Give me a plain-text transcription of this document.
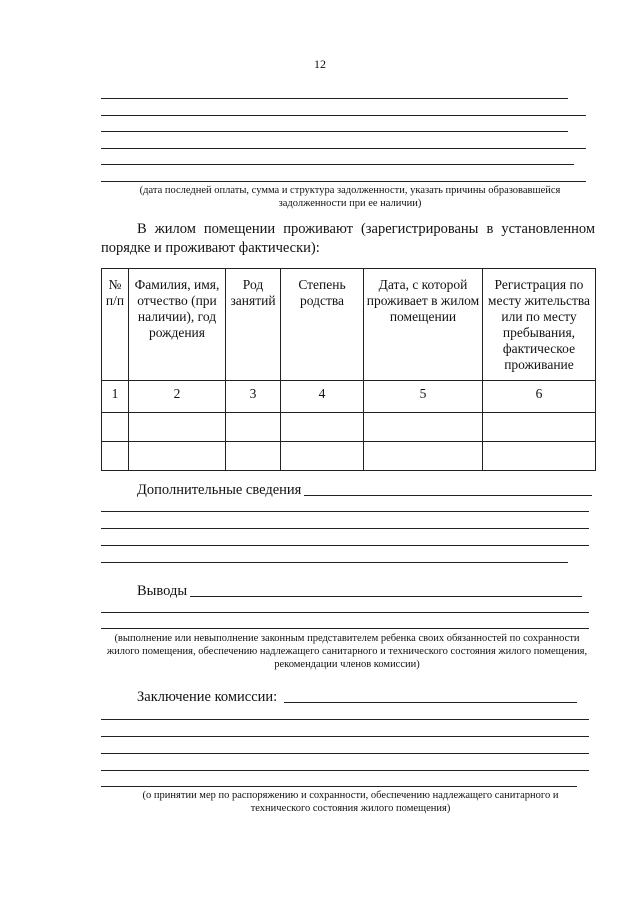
12
(дата последней оплаты, сумма и структура задолженности, указать причины образовавшейся задолженности при ее наличии)
В жилом помещении проживают (зарегистрированы в установленном порядке и проживают фактически):
№ п/п	Фамилия, имя, отчество (при наличии), год рождения	Род занятий	Степень родства	Дата, с которой проживает в жилом помещении	Регистрация по месту жительства или по месту пребывания, фактическое проживание
1	2	3	4	5	6

Дополнительные сведения
Выводы
(выполнение или невыполнение законным представителем ребенка своих обязанностей по сохранности жилого помещения, обеспечению надлежащего санитарного и технического состояния жилого помещения, рекомендации членов комиссии)
Заключение комиссии:
(о принятии мер по распоряжению и сохранности, обеспечению надлежащего санитарного и технического состояния жилого помещения)
